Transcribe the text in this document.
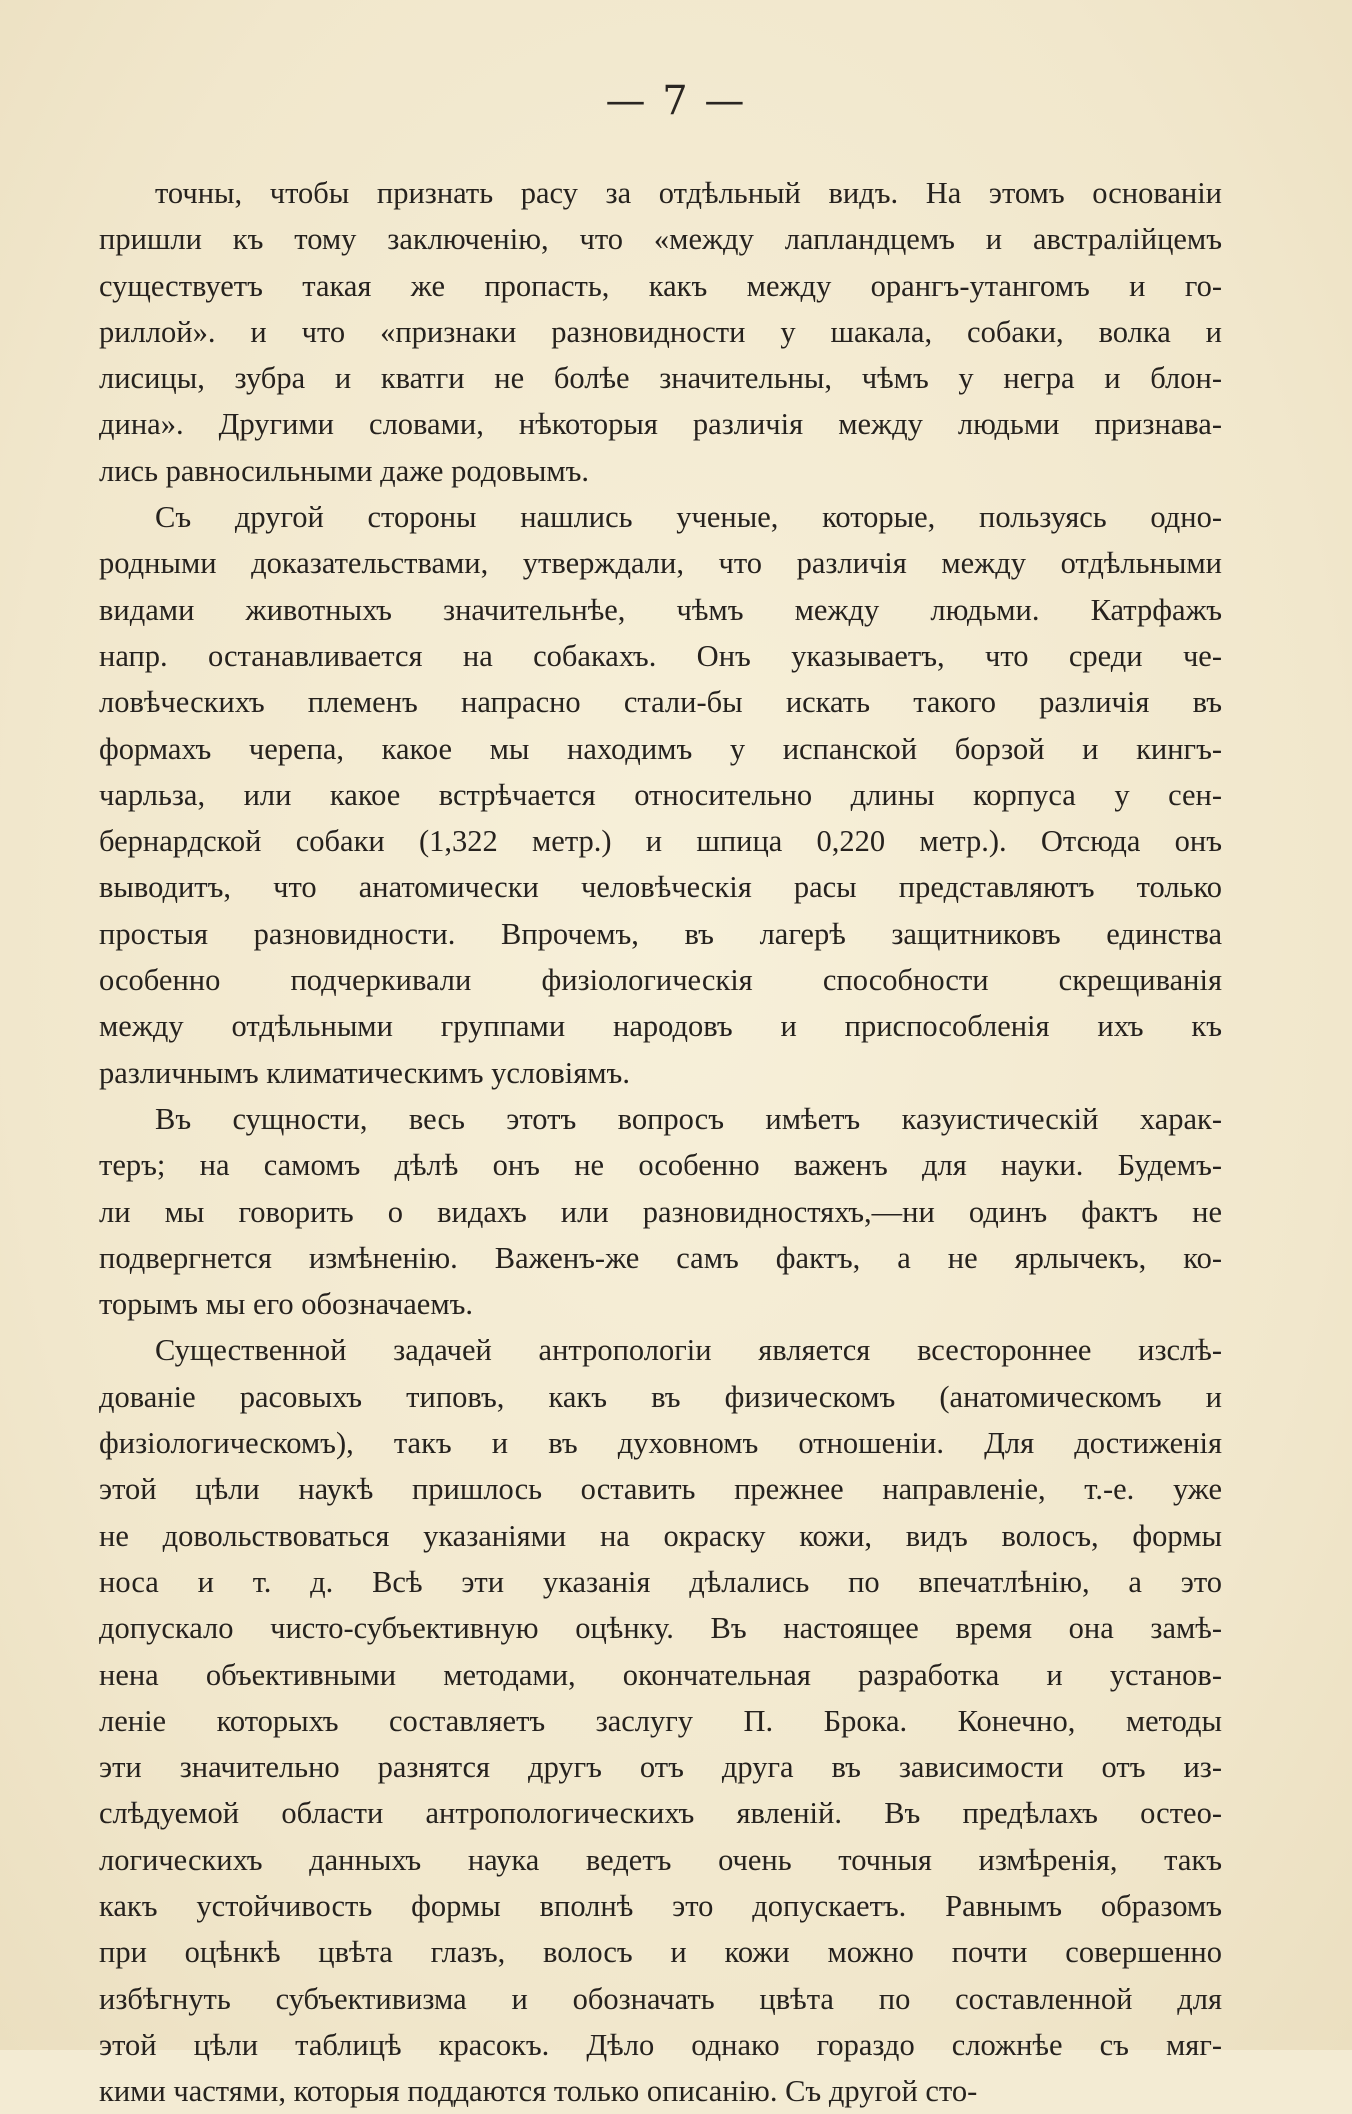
— 7 —
точны, чтобы признать расу за отдѣльный видъ. На этомъ основанiи
пришли къ тому заключенiю, что «между лапландцемъ и австралiйцемъ
существуетъ такая же пропасть, какъ между орангъ-утангомъ и го-
риллой». и что «признаки разновидности у шакала, собаки, волка и
лисицы, зубра и кватги не болѣе значительны, чѣмъ у негра и блон-
дина». Другими словами, нѣкоторыя различiя между людьми признава-
лись равносильными даже родовымъ.
Съ другой стороны нашлись ученые, которые, пользуясь одно-
родными доказательствами, утверждали, что различiя между отдѣльными
видами животныхъ значительнѣе, чѣмъ между людьми. Катрфажъ
напр. останавливается на собакахъ. Онъ указываетъ, что среди че-
ловѣческихъ племенъ напрасно стали-бы искать такого различiя въ
формахъ черепа, какое мы находимъ у испанской борзой и кингъ-
чарльза, или какое встрѣчается относительно длины корпуса у сен-
бернардской собаки (1,322 метр.) и шпица 0,220 метр.). Отсюда онъ
выводитъ, что анатомически человѣческiя расы представляютъ только
простыя разновидности. Впрочемъ, въ лагерѣ защитниковъ единства
особенно подчеркивали физiологическiя способности скрещиванiя
между отдѣльными группами народовъ и приспособленiя ихъ къ
различнымъ климатическимъ условiямъ.
Въ сущности, весь этотъ вопросъ имѣетъ казуистическiй харак-
теръ; на самомъ дѣлѣ онъ не особенно важенъ для науки. Будемъ-
ли мы говорить о видахъ или разновидностяхъ,—ни одинъ фактъ не
подвергнется измѣненiю. Важенъ-же самъ фактъ, а не ярлычекъ, ко-
торымъ мы его обозначаемъ.
Существенной задачей антропологiи является всестороннее изслѣ-
дованiе расовыхъ типовъ, какъ въ физическомъ (анатомическомъ и
физiологическомъ), такъ и въ духовномъ отношенiи. Для достиженiя
этой цѣли наукѣ пришлось оставить прежнее направленiе, т.-е. уже
не довольствоваться указанiями на окраску кожи, видъ волосъ, формы
носа и т. д. Всѣ эти указанiя дѣлались по впечатлѣнiю, а это
допускало чисто-субъективную оцѣнку. Въ настоящее время она замѣ-
нена объективными методами, окончательная разработка и установ-
ленiе которыхъ составляетъ заслугу П. Брока. Конечно, методы
эти значительно разнятся другъ отъ друга въ зависимости отъ из-
слѣдуемой области антропологическихъ явленiй. Въ предѣлахъ остео-
логическихъ данныхъ наука ведетъ очень точныя измѣренiя, такъ
какъ устойчивость формы вполнѣ это допускаетъ. Равнымъ образомъ
при оцѣнкѣ цвѣта глазъ, волосъ и кожи можно почти совершенно
избѣгнуть субъективизма и обозначать цвѣта по составленной для
этой цѣли таблицѣ красокъ. Дѣло однако гораздо сложнѣе съ мяг-
кими частями, которыя поддаются только описанiю. Съ другой сто-
